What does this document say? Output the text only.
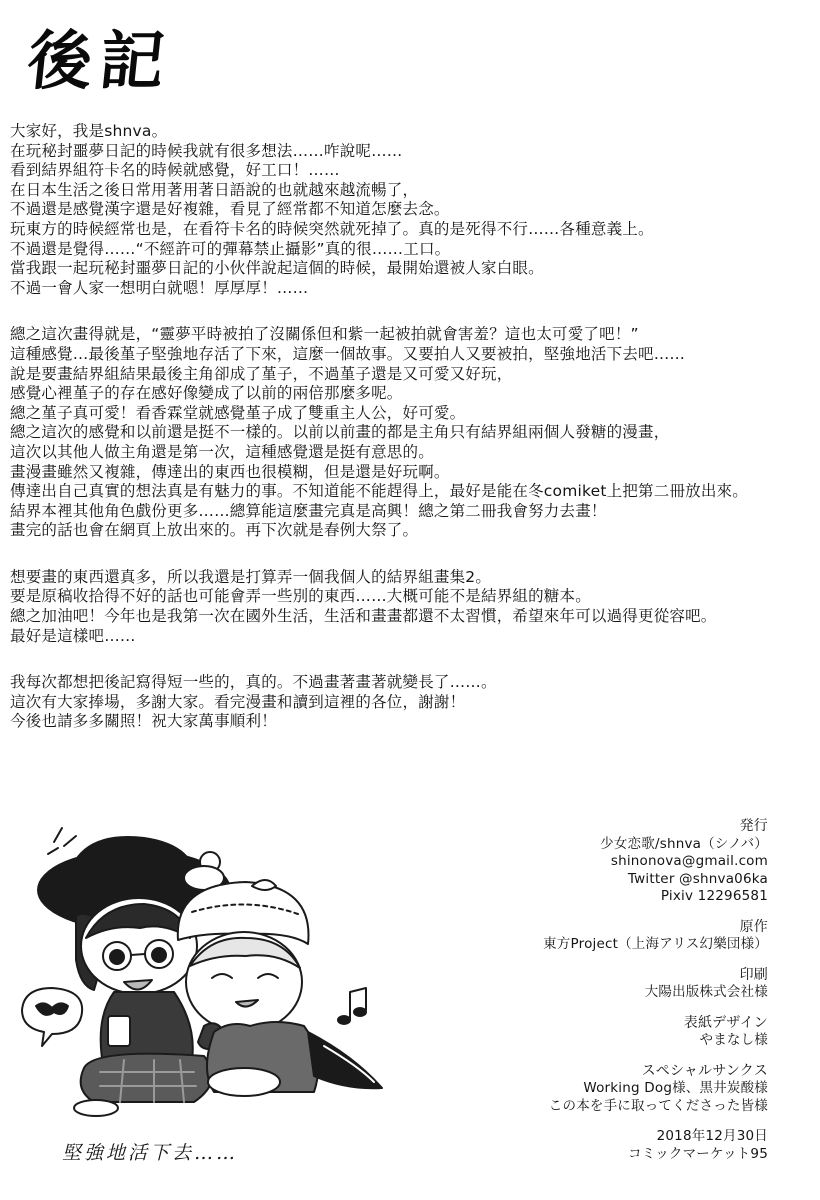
後記
大家好，我是shnva。
在玩秘封噩夢日記的時候我就有很多想法……咋說呢……
看到結界組符卡名的時候就感覺，好工口！……
在日本生活之後日常用著用著日語說的也就越來越流暢了，
不過還是感覺漢字還是好複雜，看見了經常都不知道怎麼去念。
玩東方的時候經常也是，在看符卡名的時候突然就死掉了。真的是死得不行……各種意義上。
不過還是覺得……“不經許可的彈幕禁止攝影”真的很……工口。
當我跟一起玩秘封噩夢日記的小伙伴說起這個的時候，最開始還被人家白眼。
不過一會人家一想明白就嗯！厚厚厚！……
總之這次畫得就是，“靈夢平時被拍了沒關係但和紫一起被拍就會害羞？這也太可愛了吧！”
這種感覺…最後堇子堅強地存活了下來，這麼一個故事。又要拍人又要被拍，堅強地活下去吧……
說是要畫結界組結果最後主角卻成了堇子，不過堇子還是又可愛又好玩，
感覺心裡堇子的存在感好像變成了以前的兩倍那麼多呢。
總之堇子真可愛！看香霖堂就感覺堇子成了雙重主人公，好可愛。
總之這次的感覺和以前還是挺不一樣的。以前以前畫的都是主角只有結界組兩個人發糖的漫畫，
這次以其他人做主角還是第一次，這種感覺還是挺有意思的。
畫漫畫雖然又複雜，傳達出的東西也很模糊，但是還是好玩啊。
傳達出自己真實的想法真是有魅力的事。不知道能不能趕得上，最好是能在冬comiket上把第二冊放出來。
結界本裡其他角色戲份更多……總算能這麼畫完真是高興！總之第二冊我會努力去畫！
畫完的話也會在網頁上放出來的。再下次就是春例大祭了。
想要畫的東西還真多，所以我還是打算弄一個我個人的結界組畫集2。
要是原稿收拾得不好的話也可能會弄一些別的東西……大概可能不是結界組的糖本。
總之加油吧！今年也是我第一次在國外生活，生活和畫畫都還不太習慣，希望來年可以過得更從容吧。
最好是這樣吧……
我每次都想把後記寫得短一些的，真的。不過畫著畫著就變長了……。
這次有大家捧場，多謝大家。看完漫畫和讀到這裡的各位，謝謝！
今後也請多多關照！祝大家萬事順利！
発行
少女恋歌/shnva（シノバ）
shinonova@gmail.com
Twitter @shnva06ka
Pixiv 12296581
原作
東方Project（上海アリス幻樂団様）
印刷
大陽出版株式会社様
表紙デザイン
やまなし様
スペシャルサンクス
Working Dog様、黒井炭酸様
この本を手に取ってくださった皆様
2018年12月30日
コミックマーケット95
堅強地活下去……
